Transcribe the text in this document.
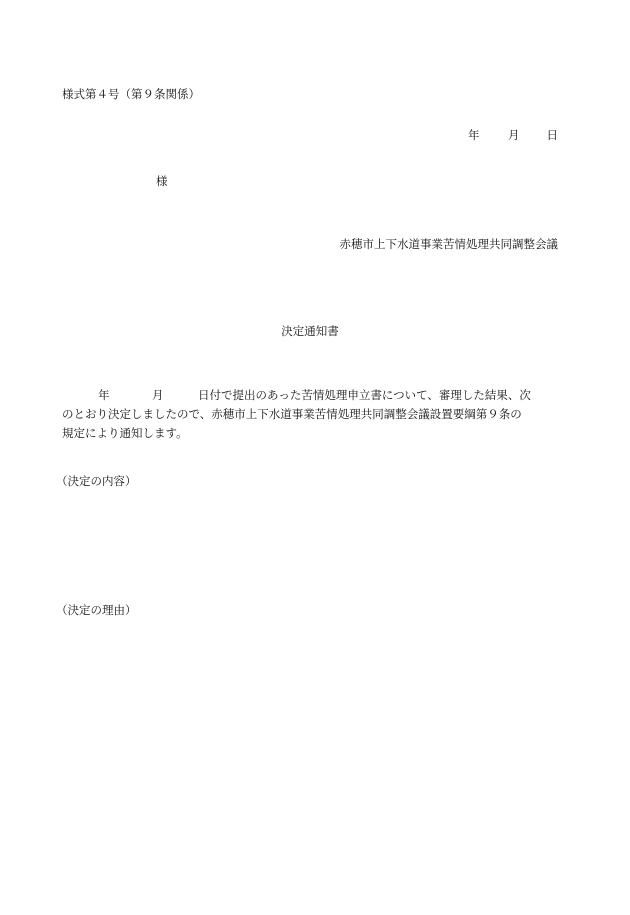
様式第４号（第９条関係）
年	月	日
様
赤穂市上下水道事業苦情処理共同調整会議
決定通知書
年	月	日付で提出のあった苦情処理申立書について、審理した結果、次
のとおり決定しましたので、赤穂市上下水道事業苦情処理共同調整会議設置要綱第９条の
規定により通知します。
（決定の内容）
（決定の理由）
